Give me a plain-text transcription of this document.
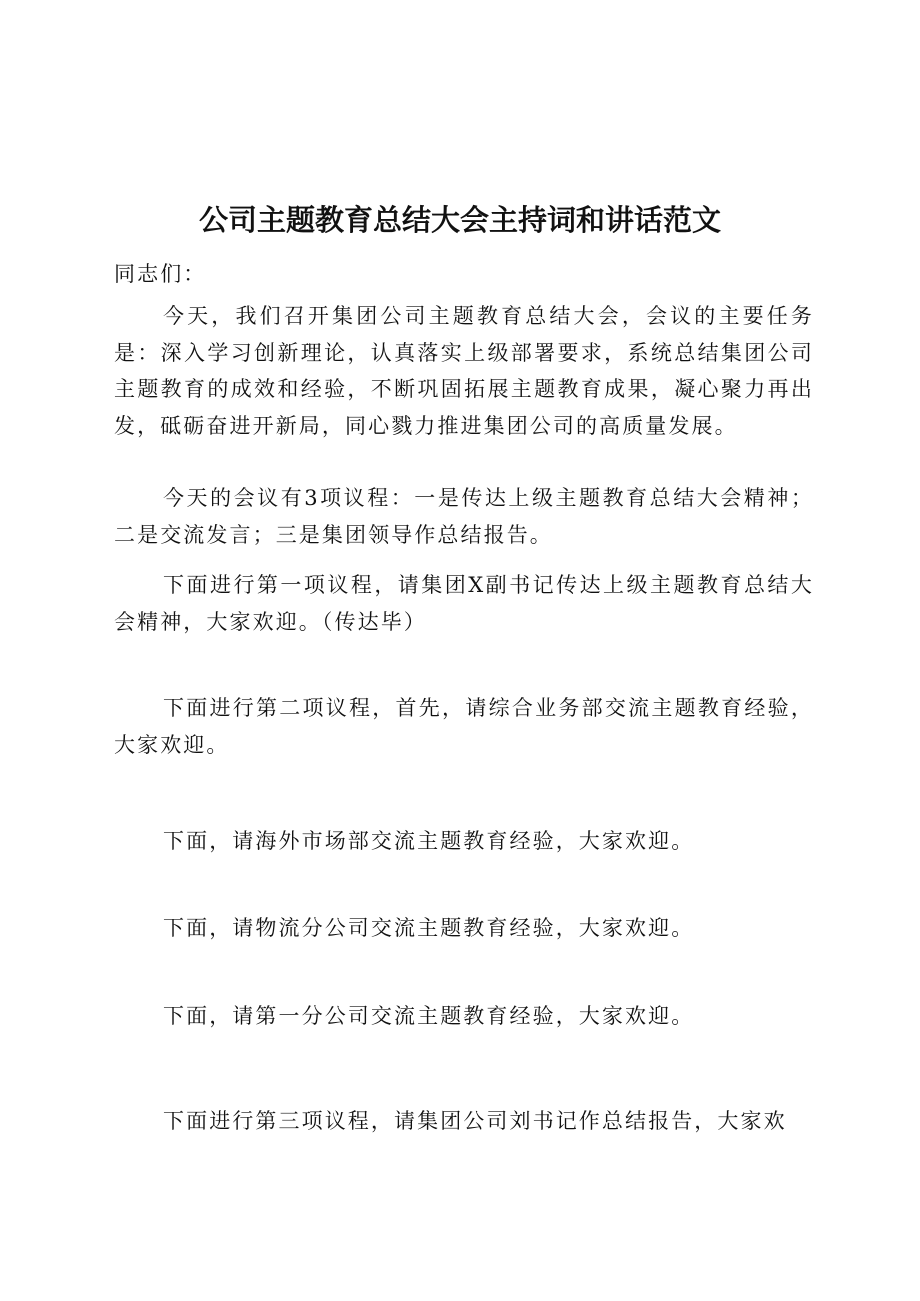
公司主题教育总结大会主持词和讲话范文
同志们：
今天，我们召开集团公司主题教育总结大会，会议的主要任务是：深入学习创新理论，认真落实上级部署要求，系统总结集团公司主题教育的成效和经验，不断巩固拓展主题教育成果，凝心聚力再出发，砥砺奋进开新局，同心戮力推进集团公司的高质量发展。
今天的会议有3项议程：一是传达上级主题教育总结大会精神；二是交流发言；三是集团领导作总结报告。
下面进行第一项议程，请集团X副书记传达上级主题教育总结大会精神，大家欢迎。（传达毕）
下面进行第二项议程，首先，请综合业务部交流主题教育经验，大家欢迎。
下面，请海外市场部交流主题教育经验，大家欢迎。
下面，请物流分公司交流主题教育经验，大家欢迎。
下面，请第一分公司交流主题教育经验，大家欢迎。
下面进行第三项议程，请集团公司刘书记作总结报告，大家欢
